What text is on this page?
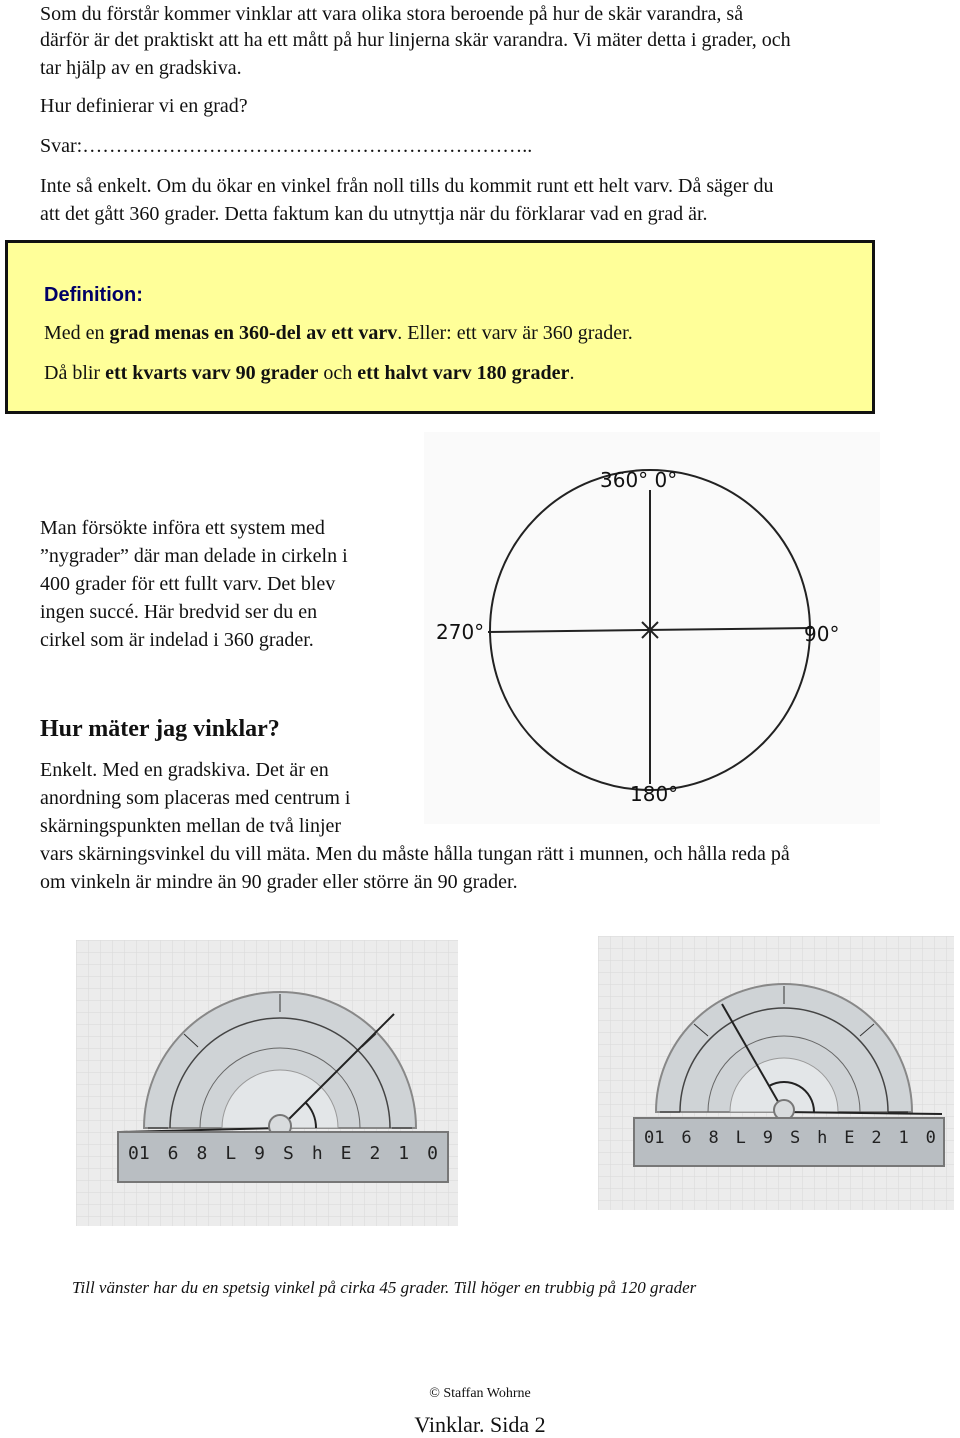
Som du förstår kommer vinklar att vara olika stora beroende på hur de skär varandra, så
därför är det praktiskt att ha ett mått på hur linjerna skär varandra. Vi mäter detta i grader, och
tar hjälp av en gradskiva.
Hur definierar vi en grad?
Svar:…………………………………………………………..
Inte så enkelt. Om du ökar en vinkel från noll tills du kommit runt ett helt varv. Då säger du
att det gått 360 grader. Detta faktum kan du utnyttja när du förklarar vad en grad är.
Definition:
Med en grad menas en 360-del av ett varv. Eller: ett varv är 360 grader.
Då blir ett kvarts varv 90 grader och ett halvt varv 180 grader.
Man försökte införa ett system med
”nygrader” där man delade in cirkeln i
400 grader för ett fullt varv. Det blev
ingen succé. Här bredvid ser du en
cirkel som är indelad i 360 grader.
360° 0°
90°
270°
180°
Hur mäter jag vinklar?
Enkelt. Med en gradskiva. Det är en
anordning som placeras med centrum i
skärningspunkten mellan de två linjer
vars skärningsvinkel du vill mäta. Men du måste hålla tungan rätt i munnen, och hålla reda på
om vinkeln är mindre än 90 grader eller större än 90 grader.
01 6 8 L 9 S h E 2 1 0
01 6 8 L 9 S h E 2 1 0
Till vänster har du en spetsig vinkel på cirka 45 grader. Till höger en trubbig på 120 grader
© Staffan Wohrne
Vinklar. Sida 2
